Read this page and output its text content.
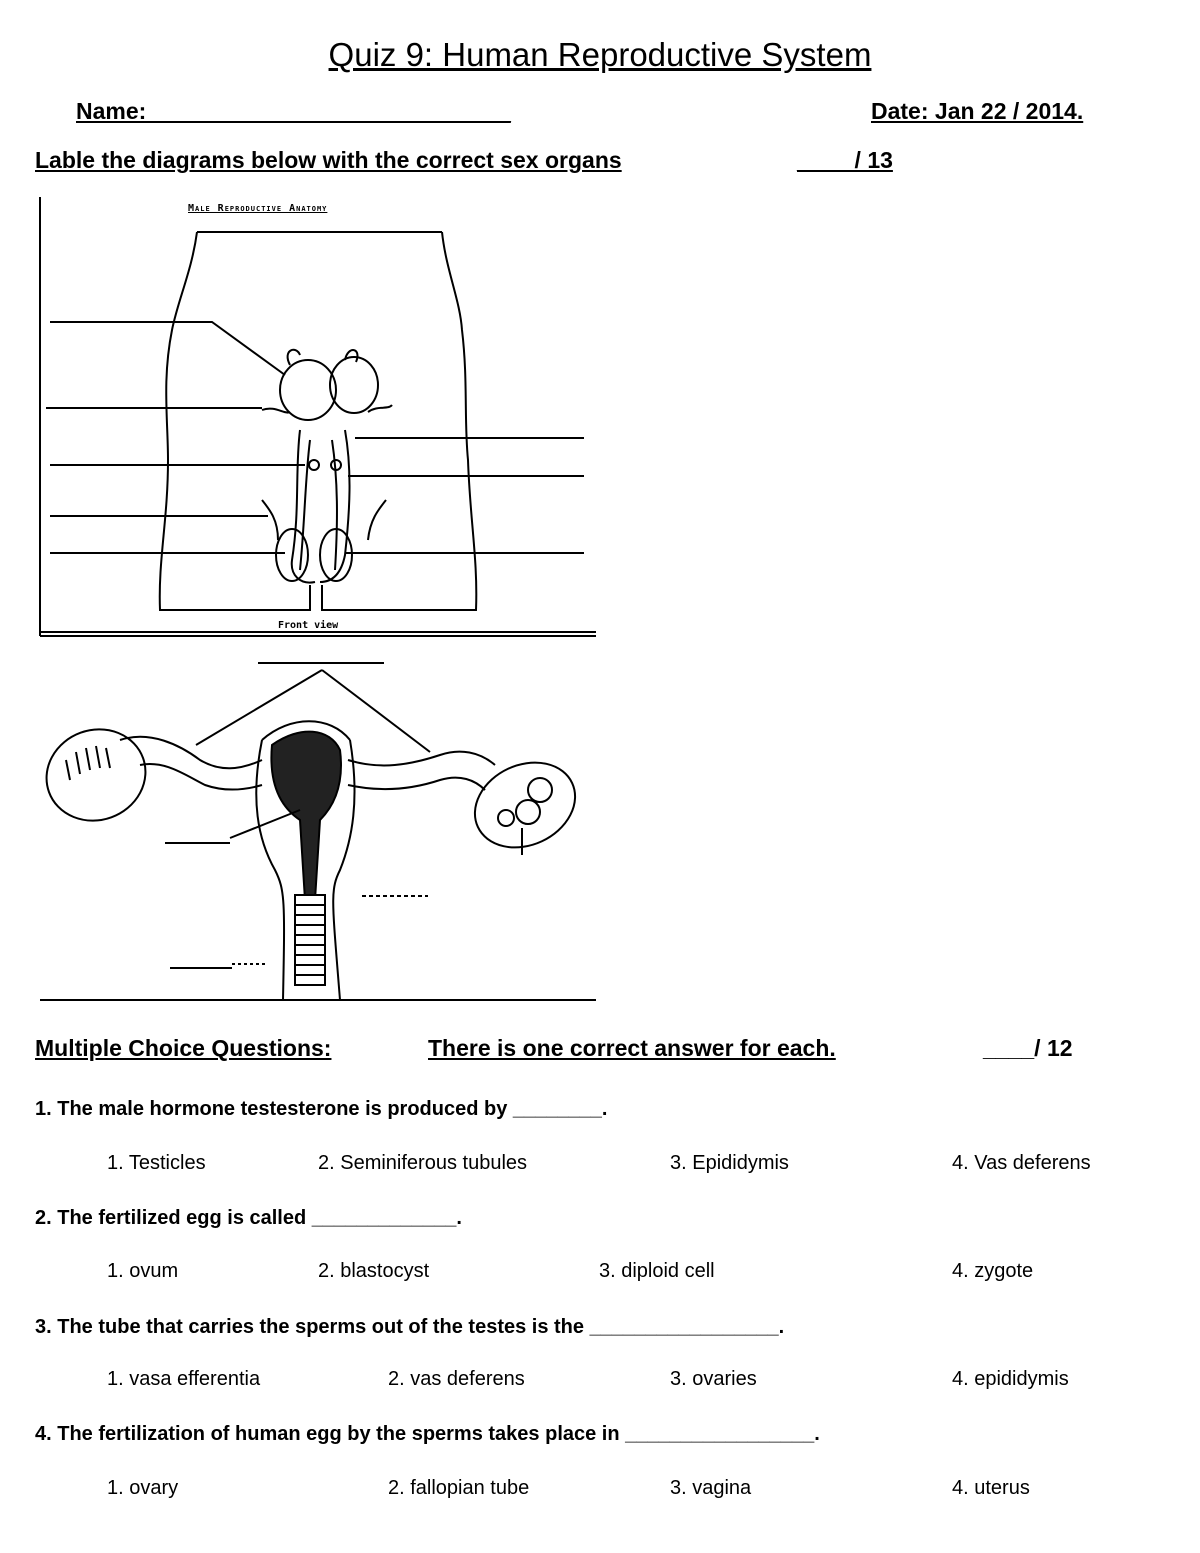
Quiz 9: Human Reproductive System
Name: ____________________________	Date: Jan 22 / 2014.
Lable the diagrams below with the correct sex organs	__     / 13
Male Reproductive Anatomy
Front view
Multiple Choice Questions:	There is one correct answer for each.	____/ 12
1. The male hormone testesterone is produced by ________.
1. Testicles	2. Seminiferous tubules	3. Epididymis	4. Vas deferens
2. The fertilized egg is called _____________.
1. ovum	2. blastocyst	3. diploid cell	4. zygote
3. The tube that carries the sperms out of the testes is the _________________.
1. vasa efferentia	2. vas deferens	3. ovaries	4. epididymis
4. The fertilization of human egg by the sperms takes place in _________________.
1. ovary	2. fallopian tube	3. vagina	4. uterus
